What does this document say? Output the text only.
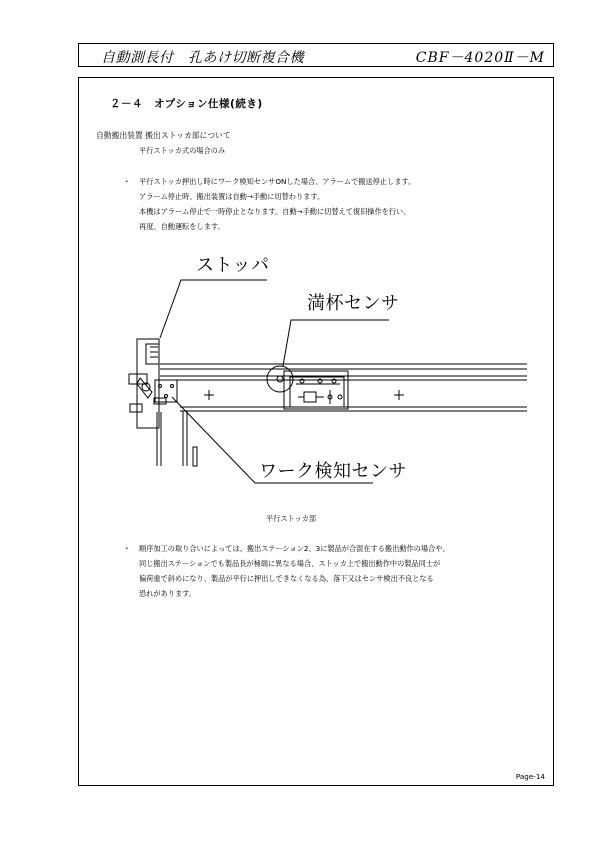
自動測長付　孔あけ切断複合機	CBF－4020Ⅱ－M
２－４　オプション仕様(続き)
自動搬出装置 搬出ストッカ部について
平行ストッカ式の場合のみ
・ 平行ストッカ押出し時にワーク検知センサONした場合、アラームで搬送停止します。
アラーム停止時、搬出装置は自動→手動に切替わります。
本機はアラーム停止で一時停止となります。自動→手動に切替えて復旧操作を行い、
再度、自動運転をします。
ストッパ
満杯センサ
ワーク検知センサ
平行ストッカ部
・ 順序加工の取り合いによっては、搬出ステーション2、3に製品が合混在する搬出動作の場合や、
同じ搬出ステーションでも製品長が極端に異なる場合、ストッカ上で搬出動作中の製品同士が
偏荷重で斜めになり、製品が平行に押出しできなくなる為、落下又はセンサ検出不良となる
恐れがあります。
Page-14
